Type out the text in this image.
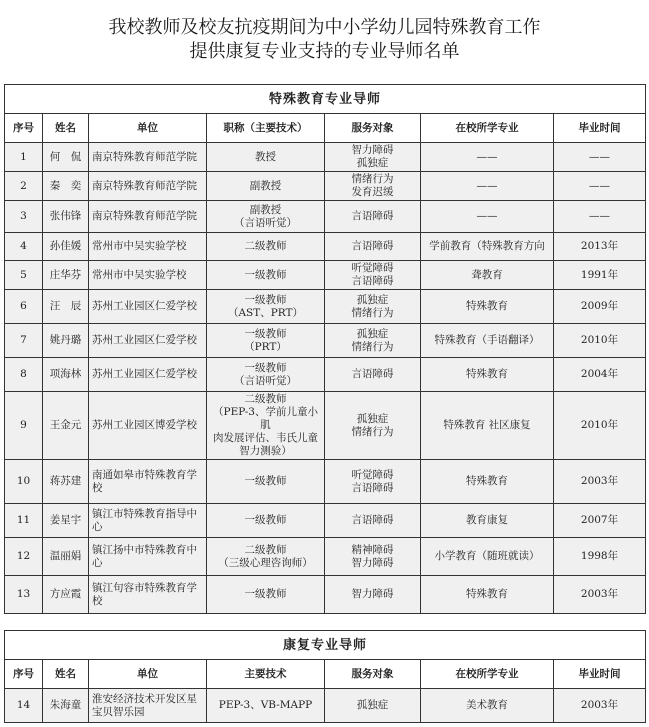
我校教师及校友抗疫期间为中小学幼儿园特殊教育工作
提供康复专业支持的专业导师名单
特殊教育专业导师						
序号	姓名	单位	职称（主要技术）	服务对象	在校所学专业	毕业时间
1	何　侃	南京特殊教育师范学院	教授	智力障碍
孤独症	——	——
2	秦　奕	南京特殊教育师范学院	副教授	情绪行为
发育迟缓	——	——
3	张伟锋	南京特殊教育师范学院	副教授
（言语听觉）	言语障碍	——	——
4	孙佳媛	常州市中吴实验学校	二级教师	言语障碍	学前教育（特殊教育方向	2013年
5	庄华芬	常州市中吴实验学校	一级教师	听觉障碍
言语障碍	聋教育	1991年
6	汪　辰	苏州工业园区仁爱学校	一级教师
（AST、PRT）	孤独症
情绪行为	特殊教育	2009年
7	姚丹璐	苏州工业园区仁爱学校	一级教师
（PRT）	孤独症
情绪行为	特殊教育（手语翻译）	2010年
8	项海林	苏州工业园区仁爱学校	一级教师
（言语听觉）	言语障碍	特殊教育	2004年
9	王金元	苏州工业园区博爱学校	二级教师
（PEP-3、学前儿童小肌
肉发展评估、韦氏儿童
智力测验）	孤独症
情绪行为	特殊教育 社区康复	2010年
10	蒋苏建	南通如皋市特殊教育学
校	一级教师	听觉障碍
言语障碍	特殊教育	2003年
11	姜星宇	镇江市特殊教育指导中
心	一级教师	言语障碍	教育康复	2007年
12	温丽娟	镇江扬中市特殊教育中
心	二级教师
（三级心理咨询师）	精神障碍
智力障碍	小学教育（随班就读）	1998年
13	方应霞	镇江句容市特殊教育学
校	一级教师	智力障碍	特殊教育	2003年

康复专业导师						
序号	姓名	单位	主要技术	服务对象	在校所学专业	毕业时间
14	朱海童	淮安经济技术开发区星
宝贝智乐园	PEP-3、VB-MAPP	孤独症	美术教育	2003年
